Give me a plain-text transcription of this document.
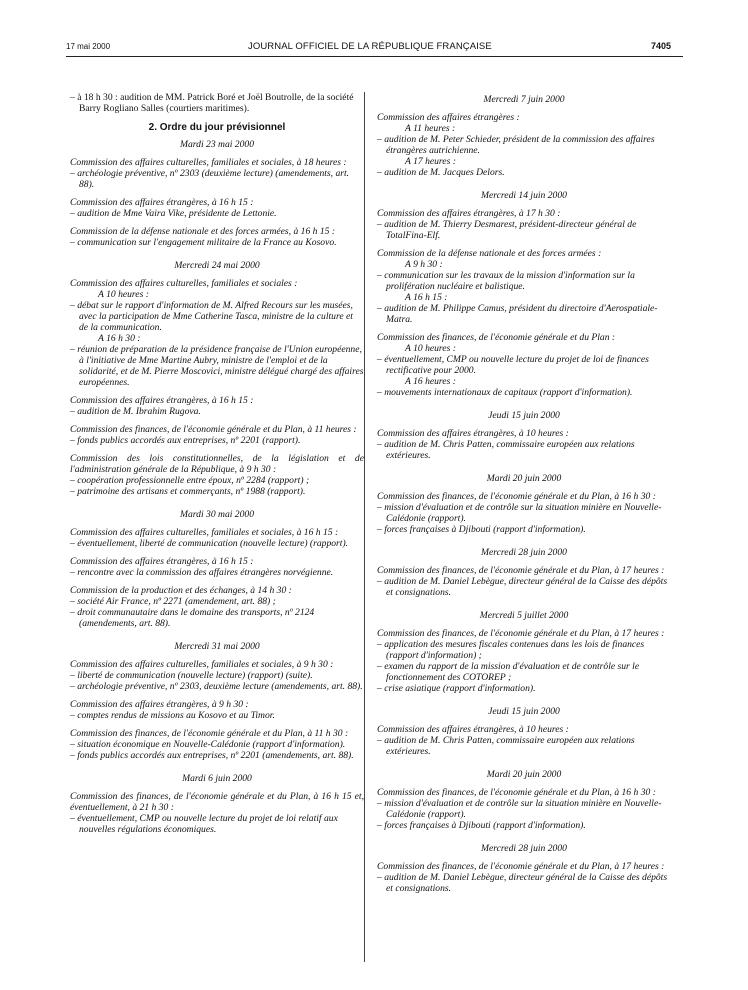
17 mai 2000	JOURNAL OFFICIEL DE LA RÉPUBLIQUE FRANÇAISE	7405

– à 18 h 30 : audition de MM. Patrick Boré et Joël Boutrolle, de la société Barry Rogliano Salles (courtiers maritimes).

2. Ordre du jour prévisionnel

Mardi 23 mai 2000

Commission des affaires culturelles, familiales et sociales, à 18 heures :

– archéologie préventive, nº 2303 (deuxième lecture) (amendements, art. 88).

Commission des affaires étrangères, à 16 h 15 :

– audition de Mme Vaira Vike, présidente de Lettonie.

Commission de la défense nationale et des forces armées, à 16 h 15 :

– communication sur l'engagement militaire de la France au Kosovo.

Mercredi 24 mai 2000

Commission des affaires culturelles, familiales et sociales :

A 10 heures :

– débat sur le rapport d'information de M. Alfred Recours sur les musées, avec la participation de Mme Catherine Tasca, ministre de la culture et de la communication.

A 16 h 30 :

– réunion de préparation de la présidence française de l'Union européenne, à l'initiative de Mme Martine Aubry, ministre de l'emploi et de la solidarité, et de M. Pierre Moscovici, ministre délégué chargé des affaires européennes.

Commission des affaires étrangères, à 16 h 15 :

– audition de M. Ibrahim Rugova.

Commission des finances, de l'économie générale et du Plan, à 11 heures :

– fonds publics accordés aux entreprises, nº 2201 (rapport).

Commission des lois constitutionnelles, de la législation et de l'administration générale de la République, à 9 h 30 :

– coopération professionnelle entre époux, nº 2284 (rapport) ;

– patrimoine des artisans et commerçants, nº 1988 (rapport).

Mardi 30 mai 2000

Commission des affaires culturelles, familiales et sociales, à 16 h 15 :

– éventuellement, liberté de communication (nouvelle lecture) (rapport).

Commission des affaires étrangères, à 16 h 15 :

– rencontre avec la commission des affaires étrangères norvégienne.

Commission de la production et des échanges, à 14 h 30 :

– société Air France, nº 2271 (amendement, art. 88) ;

– droit communautaire dans le domaine des transports, nº 2124 (amendements, art. 88).

Mercredi 31 mai 2000

Commission des affaires culturelles, familiales et sociales, à 9 h 30 :

– liberté de communication (nouvelle lecture) (rapport) (suite).

– archéologie préventive, nº 2303, deuxième lecture (amendements, art. 88).

Commission des affaires étrangères, à 9 h 30 :

– comptes rendus de missions au Kosovo et au Timor.

Commission des finances, de l'économie générale et du Plan, à 11 h 30 :

– situation économique en Nouvelle-Calédonie (rapport d'information).

– fonds publics accordés aux entreprises, nº 2201 (amendements, art. 88).

Mardi 6 juin 2000

Commission des finances, de l'économie générale et du Plan, à 16 h 15 et, éventuellement, à 21 h 30 :

– éventuellement, CMP ou nouvelle lecture du projet de loi relatif aux nouvelles régulations économiques.

Mercredi 7 juin 2000

Commission des affaires étrangères :

A 11 heures :

– audition de M. Peter Schieder, président de la commission des affaires étrangères autrichienne.

A 17 heures :

– audition de M. Jacques Delors.

Mercredi 14 juin 2000

Commission des affaires étrangères, à 17 h 30 :

– audition de M. Thierry Desmarest, président-directeur général de TotalFina-Elf.

Commission de la défense nationale et des forces armées :

A 9 h 30 :

– communication sur les travaux de la mission d'information sur la prolifération nucléaire et balistique.

A 16 h 15 :

– audition de M. Philippe Camus, président du directoire d'Aerospatiale-Matra.

Commission des finances, de l'économie générale et du Plan :

A 10 heures :

– éventuellement, CMP ou nouvelle lecture du projet de loi de finances rectificative pour 2000.

A 16 heures :

– mouvements internationaux de capitaux (rapport d'information).

Jeudi 15 juin 2000

Commission des affaires étrangères, à 10 heures :

– audition de M. Chris Patten, commissaire européen aux relations extérieures.

Mardi 20 juin 2000

Commission des finances, de l'économie générale et du Plan, à 16 h 30 :

– mission d'évaluation et de contrôle sur la situation minière en Nouvelle-Calédonie (rapport).

– forces françaises à Djibouti (rapport d'information).

Mercredi 28 juin 2000

Commission des finances, de l'économie générale et du Plan, à 17 heures :

– audition de M. Daniel Lebègue, directeur général de la Caisse des dépôts et consignations.

Mercredi 5 juillet 2000

Commission des finances, de l'économie générale et du Plan, à 17 heures :

– application des mesures fiscales contenues dans les lois de finances (rapport d'information) ;

– examen du rapport de la mission d'évaluation et de contrôle sur le fonctionnement des COTOREP ;

– crise asiatique (rapport d'information).

Jeudi 15 juin 2000

Commission des affaires étrangères, à 10 heures :

– audition de M. Chris Patten, commissaire européen aux relations extérieures.

Mardi 20 juin 2000

Commission des finances, de l'économie générale et du Plan, à 16 h 30 :

– mission d'évaluation et de contrôle sur la situation minière en Nouvelle-Calédonie (rapport).

– forces françaises à Djibouti (rapport d'information).

Mercredi 28 juin 2000

Commission des finances, de l'économie générale et du Plan, à 17 heures :

– audition de M. Daniel Lebègue, directeur général de la Caisse des dépôts et consignations.
